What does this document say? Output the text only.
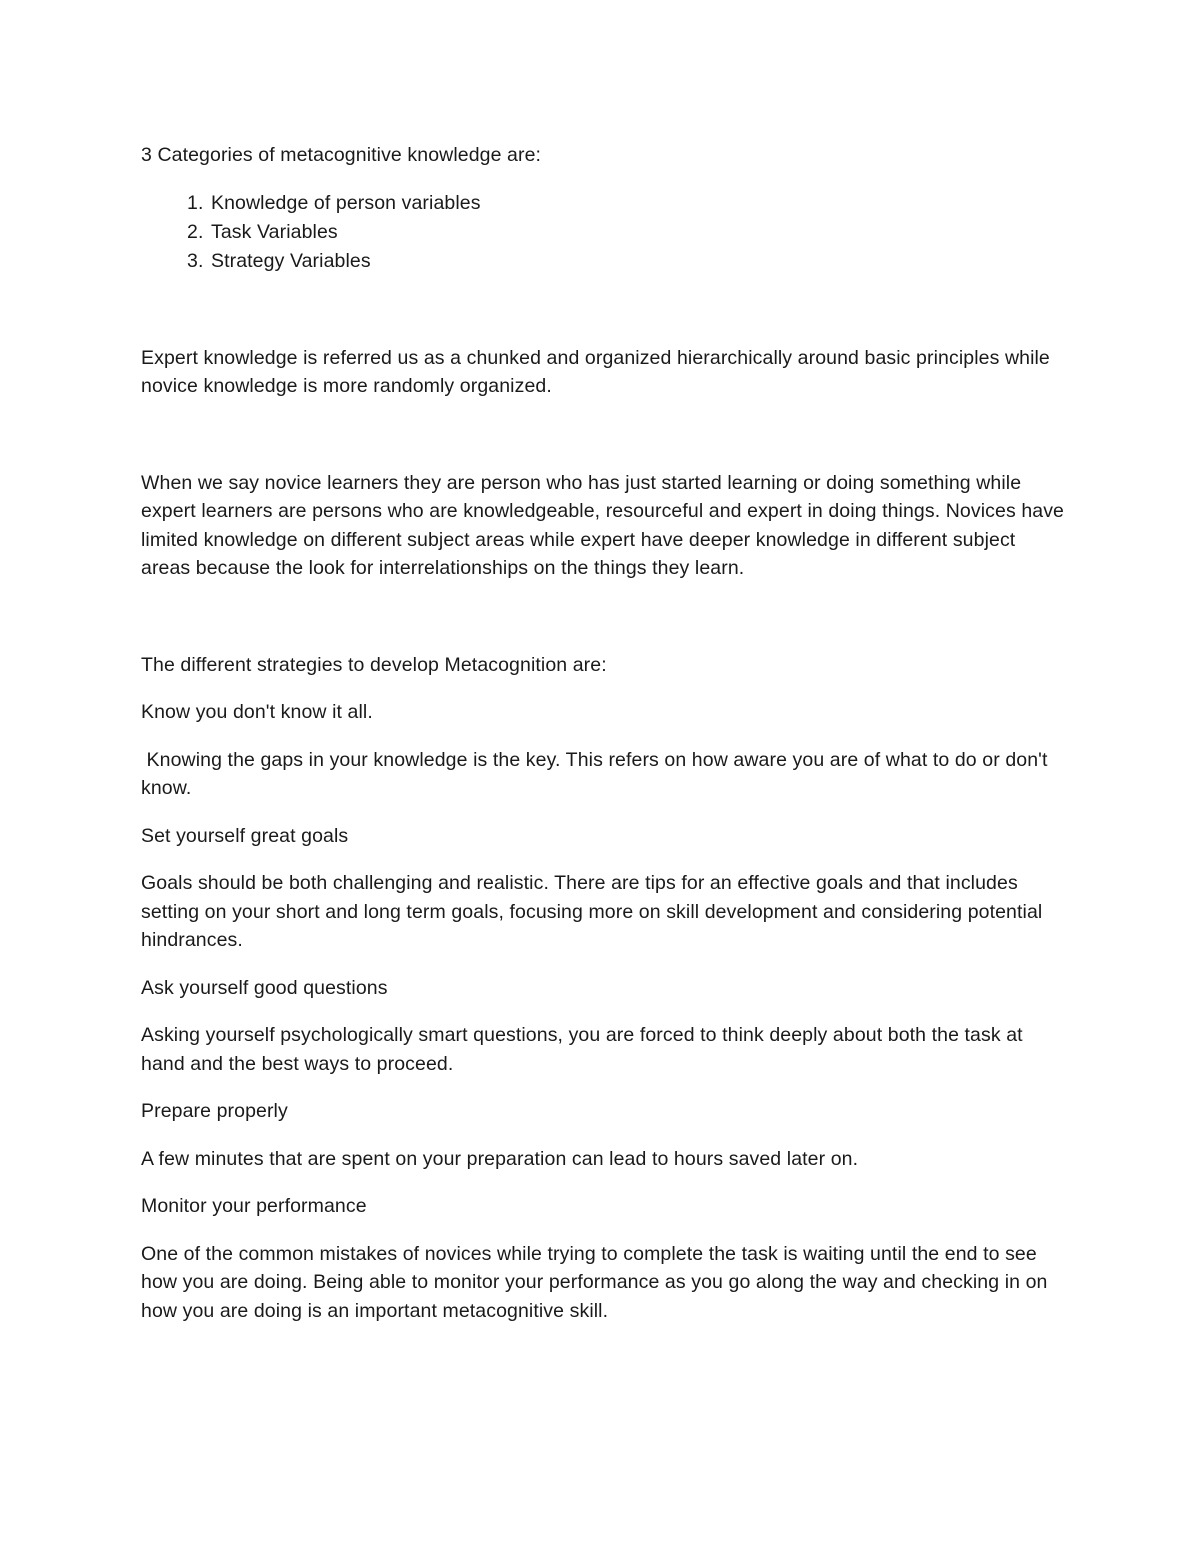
3 Categories of metacognitive knowledge are:

1. Knowledge of person variables
2. Task Variables
3. Strategy Variables

Expert knowledge is referred us as a chunked and organized hierarchically around basic principles while novice knowledge is more randomly organized.

When we say novice learners they are person who has just started learning or doing something while expert learners are persons who are knowledgeable, resourceful and expert in doing things. Novices have limited knowledge on different subject areas while expert have deeper knowledge in different subject areas because the look for interrelationships on the things they learn.

The different strategies to develop Metacognition are:

Know you don't know it all.

Knowing the gaps in your knowledge is the key. This refers on how aware you are of what to do or don't know.

Set yourself great goals

Goals should be both challenging and realistic. There are tips for an effective goals and that includes setting on your short and long term goals, focusing more on skill development and considering potential hindrances.

Ask yourself good questions

Asking yourself psychologically smart questions, you are forced to think deeply about both the task at hand and the best ways to proceed.

Prepare properly

A few minutes that are spent on your preparation can lead to hours saved later on.

Monitor your performance

One of the common mistakes of novices while trying to complete the task is waiting until the end to see how you are doing. Being able to monitor your performance as you go along the way and checking in on how you are doing is an important metacognitive skill.
